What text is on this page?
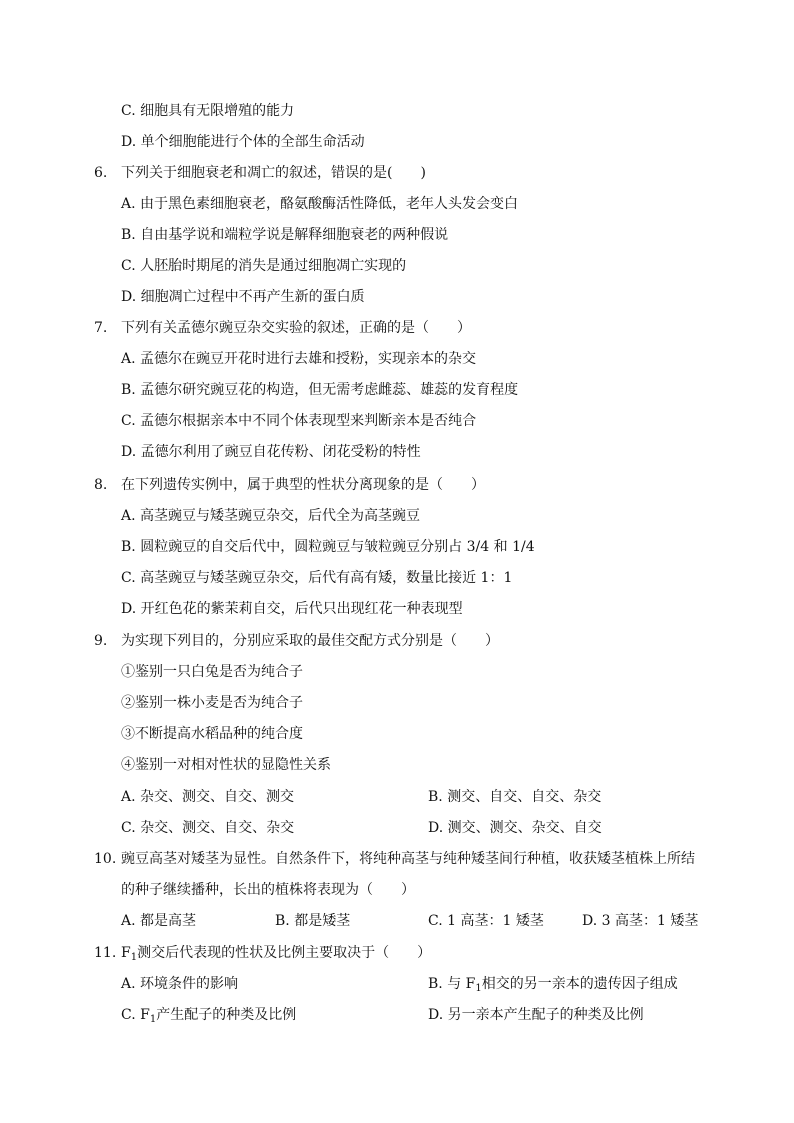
C. 细胞具有无限增殖的能力
D. 单个细胞能进行个体的全部生命活动
6. 下列关于细胞衰老和凋亡的叙述，错误的是(　　)
A. 由于黑色素细胞衰老，酪氨酸酶活性降低，老年人头发会变白
B. 自由基学说和端粒学说是解释细胞衰老的两种假说
C. 人胚胎时期尾的消失是通过细胞凋亡实现的
D. 细胞凋亡过程中不再产生新的蛋白质
7. 下列有关孟德尔豌豆杂交实验的叙述，正确的是（　　）
A. 孟德尔在豌豆开花时进行去雄和授粉，实现亲本的杂交
B. 孟德尔研究豌豆花的构造，但无需考虑雌蕊、雄蕊的发育程度
C. 孟德尔根据亲本中不同个体表现型来判断亲本是否纯合
D. 孟德尔利用了豌豆自花传粉、闭花受粉的特性
8. 在下列遗传实例中，属于典型的性状分离现象的是（　　）
A. 高茎豌豆与矮茎豌豆杂交，后代全为高茎豌豆
B. 圆粒豌豆的自交后代中，圆粒豌豆与皱粒豌豆分别占 3/4 和 1/4
C. 高茎豌豆与矮茎豌豆杂交，后代有高有矮，数量比接近 1：1
D. 开红色花的紫茉莉自交，后代只出现红花一种表现型
9. 为实现下列目的，分别应采取的最佳交配方式分别是（　　）
①鉴别一只白兔是否为纯合子
②鉴别一株小麦是否为纯合子
③不断提高水稻品种的纯合度
④鉴别一对相对性状的显隐性关系
A. 杂交、测交、自交、测交	B. 测交、自交、自交、杂交
C. 杂交、测交、自交、杂交	D. 测交、测交、杂交、自交
10. 豌豆高茎对矮茎为显性。自然条件下，将纯种高茎与纯种矮茎间行种植，收获矮茎植株上所结
的种子继续播种，长出的植株将表现为（　　）
A. 都是高茎	B. 都是矮茎	C. 1 高茎：1 矮茎	D. 3 高茎：1 矮茎
11. $F_1$测交后代表现的性状及比例主要取决于（　　）
A. 环境条件的影响	B. 与 $F_1$相交的另一亲本的遗传因子组成
C. $F_1$产生配子的种类及比例	D. 另一亲本产生配子的种类及比例
